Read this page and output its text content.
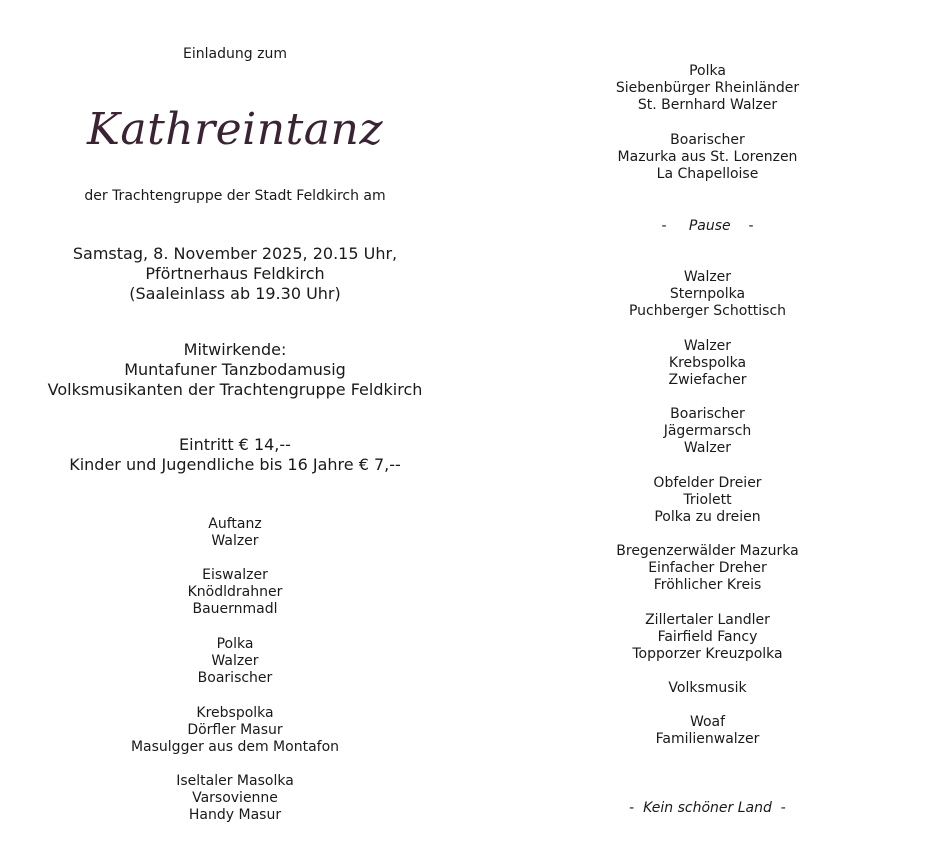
Einladung zum
Kathreintanz
der Trachtengruppe der Stadt Feldkirch am
Samstag, 8. November 2025, 20.15 Uhr,
Pförtnerhaus Feldkirch
(Saaleinlass ab 19.30 Uhr)
Mitwirkende:
Muntafuner Tanzbodamusig
Volksmusikanten der Trachtengruppe Feldkirch
Eintritt € 14,--
Kinder und Jugendliche bis 16 Jahre € 7,--
Auftanz
Walzer
Eiswalzer
Knödldrahner
Bauernmadl
Polka
Walzer
Boarischer
Krebspolka
Dörfler Masur
Masulgger aus dem Montafon
Iseltaler Masolka
Varsovienne
Handy Masur
Polka
Siebenbürger Rheinländer
St. Bernhard Walzer
Boarischer
Mazurka aus St. Lorenzen
La Chapelloise
- Pause -
Walzer
Sternpolka
Puchberger Schottisch
Walzer
Krebspolka
Zwiefacher
Boarischer
Jägermarsch
Walzer
Obfelder Dreier
Triolett
Polka zu dreien
Bregenzerwälder Mazurka
Einfacher Dreher
Fröhlicher Kreis
Zillertaler Landler
Fairfield Fancy
Topporzer Kreuzpolka
Volksmusik
Woaf
Familienwalzer
- Kein schöner Land -
